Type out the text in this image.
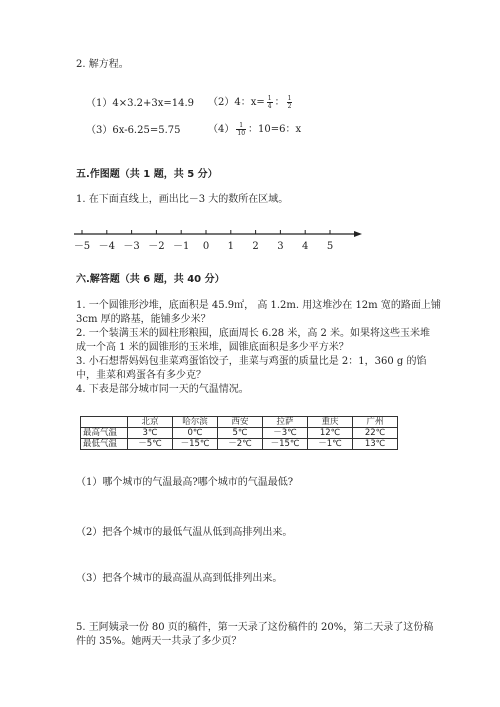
2. 解方程。
（1）4×3.2+3x=14.9 （2）4：$x= \frac{1}{4}$ ： $\frac{1}{2}$
（3）6x-6.25=5.75	$(4) \frac{1}{10}$ ：10=6：x
五.作图题（共 1 题，共 5 分）
1. 在下面直线上，画出比－3 大的数所在区域。
－5 －4 －3 －2 －1 0 1 2 3 4 5
六.解答题（共 6 题，共 40 分）
1. 一个圆锥形沙堆，底面积是 45.9㎡， 高 1.2m. 用这堆沙在 12m 宽的路面上铺
3cm 厚的路基，能铺多少米？
2. 一个装满玉米的圆柱形粮囤，底面周长 6.28 米，高 2 米。如果将这些玉米堆
成一个高 1 米的圆锥形的玉米堆，圆锥底面积是多少平方米？
3. 小石想帮妈妈包韭菜鸡蛋馅饺子，韭菜与鸡蛋的质量比是 2：1，360 g 的馅
中，韭菜和鸡蛋各有多少克？
4. 下表是部分城市同一天的气温情况。
	北京	哈尔滨	西安	拉萨	重庆	广州
最高气温	3℃	0℃	5℃	－3℃	12℃	22℃
最低气温	－5℃	－15℃	－2℃	－15℃	－1℃	13℃
（1）哪个城市的气温最高?哪个城市的气温最低?
（2）把各个城市的最低气温从低到高排列出来。
（3）把各个城市的最高温从高到低排列出来。
5. 王阿姨录一份 80 页的稿件，第一天录了这份稿件的 20%，第二天录了这份稿
件的 35%。她两天一共录了多少页？
